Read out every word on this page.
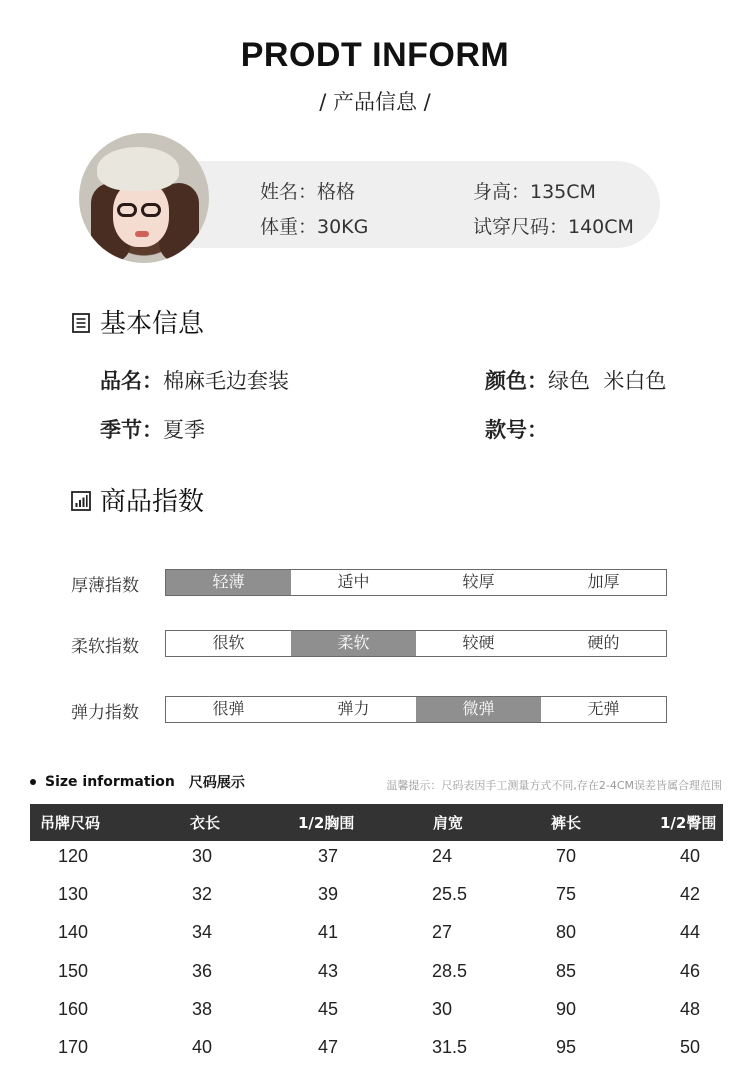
PRODT INFORM
/ 产品信息 /
姓名：格格	身高：135CM
体重：30KG	试穿尺码：140CM
基本信息
品名：棉麻毛边套装	颜色：绿色  米白色
季节：夏季	款号：
商品指数
厚薄指数	轻薄	适中	较厚	加厚
柔软指数	很软	柔软	较硬	硬的
弹力指数	很弹	弹力	微弹	无弹
Size information 尺码展示	温馨提示：尺码表因手工测量方式不同,存在2-4CM误差皆属合理范围
吊牌尺码	衣长	1/2胸围	肩宽	裤长	1/2臀围
120	30	37	24	70	40
130	32	39	25.5	75	42
140	34	41	27	80	44
150	36	43	28.5	85	46
160	38	45	30	90	48
170	40	47	31.5	95	50
